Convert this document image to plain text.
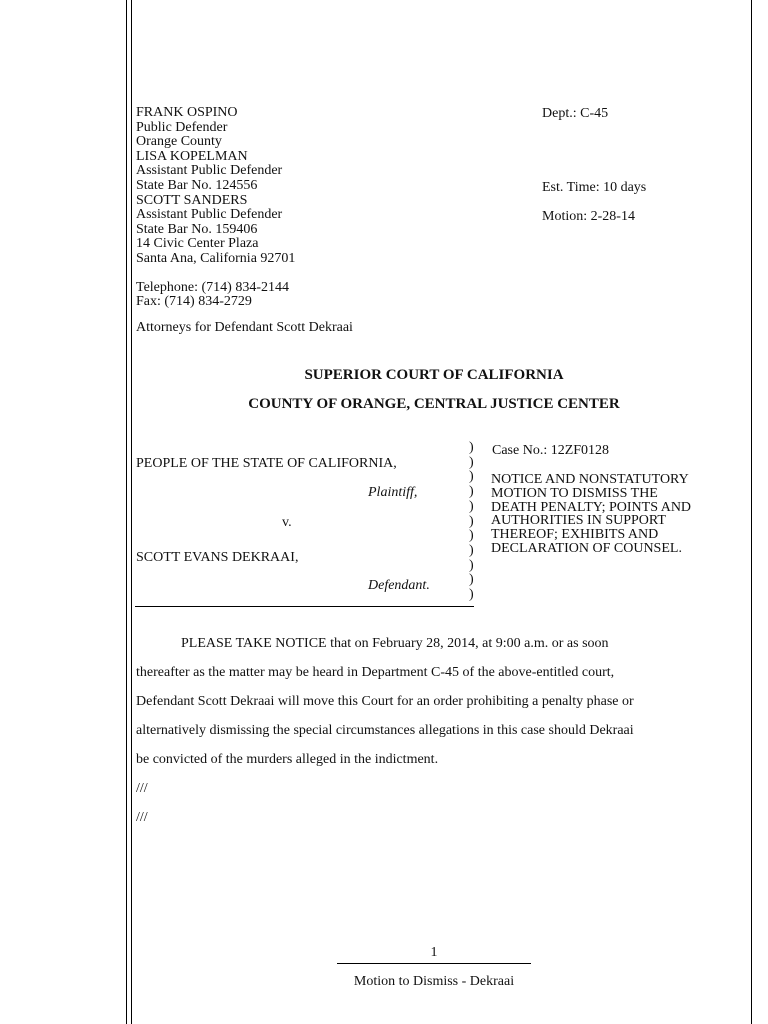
FRANK OSPINO
Public Defender
Orange County
LISA KOPELMAN
Assistant Public Defender
State Bar No. 124556
SCOTT SANDERS
Assistant Public Defender
State Bar No. 159406
14 Civic Center Plaza
Santa Ana, California 92701
Telephone: (714) 834-2144
Fax: (714) 834-2729
Attorneys for Defendant Scott Dekraai
Dept.: C-45
Est. Time: 10 days
Motion: 2-28-14
SUPERIOR COURT OF CALIFORNIA
COUNTY OF ORANGE, CENTRAL JUSTICE CENTER
PEOPLE OF THE STATE OF CALIFORNIA,
Plaintiff,
v.
SCOTT EVANS DEKRAAI,
Defendant.
)
)
)
)
)
)
)
)
)
)
)
Case No.: 12ZF0128
NOTICE AND NONSTATUTORY
MOTION TO DISMISS THE
DEATH PENALTY; POINTS AND
AUTHORITIES IN SUPPORT
THEREOF; EXHIBITS AND
DECLARATION OF COUNSEL.

PLEASE TAKE NOTICE that on February 28, 2014, at 9:00 a.m. or as soon

thereafter as the matter may be heard in Department C-45 of the above-entitled court,

Defendant Scott Dekraai will move this Court for an order prohibiting a penalty phase or

alternatively dismissing the special circumstances allegations in this case should Dekraai

be convicted of the murders alleged in the indictment.

///

///

1
Motion to Dismiss - Dekraai
